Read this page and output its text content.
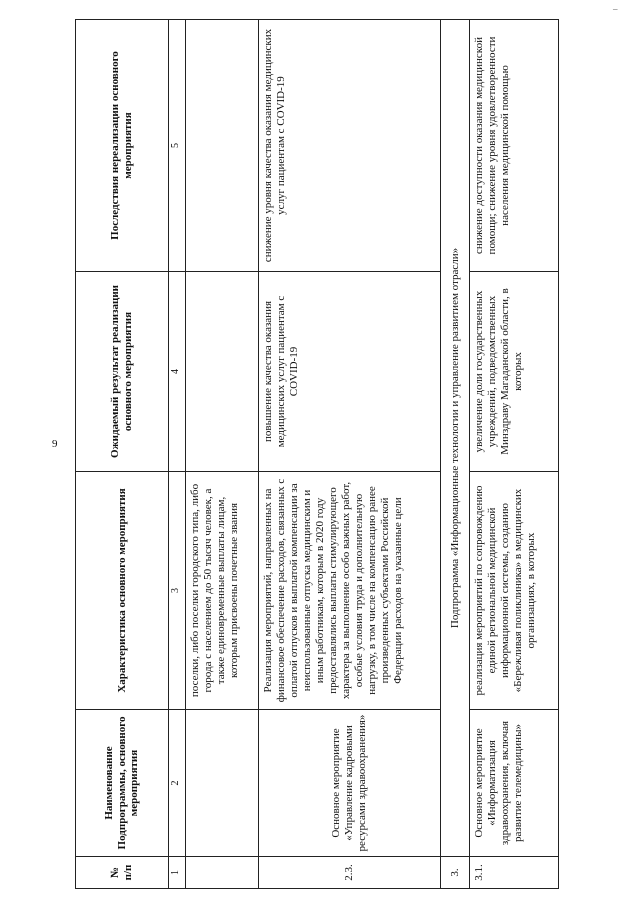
–
9
№ п/п	Наименование Подпрограммы, основного мероприятия	Характеристика основного мероприятия	Ожидаемый результат реализации основного мероприятия	Последствия нереализации основного мероприятия
1	2	3	4	5
		поселки, либо поселки городского типа, либо города с населением до 50 тысяч человек, а также единовременные выплаты лицам, которым присвоены почетные звания		
2.3.	Основное мероприятие «Управление кадровыми ресурсами здравоохранения»	Реализация мероприятий, направленных на финансовое обеспечение расходов, связанных с оплатой отпусков и выплатой компенсации за неиспользованные отпуска медицинским и иным работникам, которым в 2020 году предоставлялись выплаты стимулирующего характера за выполнение особо важных работ, особые условия труда и дополнительную нагрузку, в том числе на компенсацию ранее произведенных субъектами Российской Федерации расходов на указанные цели	повышение качества оказания медицинских услуг пациентам с COVID-19	снижение уровня качества оказания медицинских услуг пациентам с COVID-19
3.	Подпрограмма «Информационные технологии и управление развитием отрасли»			
3.1.	Основное мероприятие «Информатизация здравоохранения, включая развитие телемедицины»	реализация мероприятий по сопровождению единой региональной медицинской информационной системы, созданию «Бережливая поликлиника» в медицинских организациях, в которых	увеличение доли государственных учреждений, подведомственных Минздраву Магаданской области, в которых	снижение доступности оказания медицинской помощи; снижение уровня удовлетворенности населения медицинской помощью
